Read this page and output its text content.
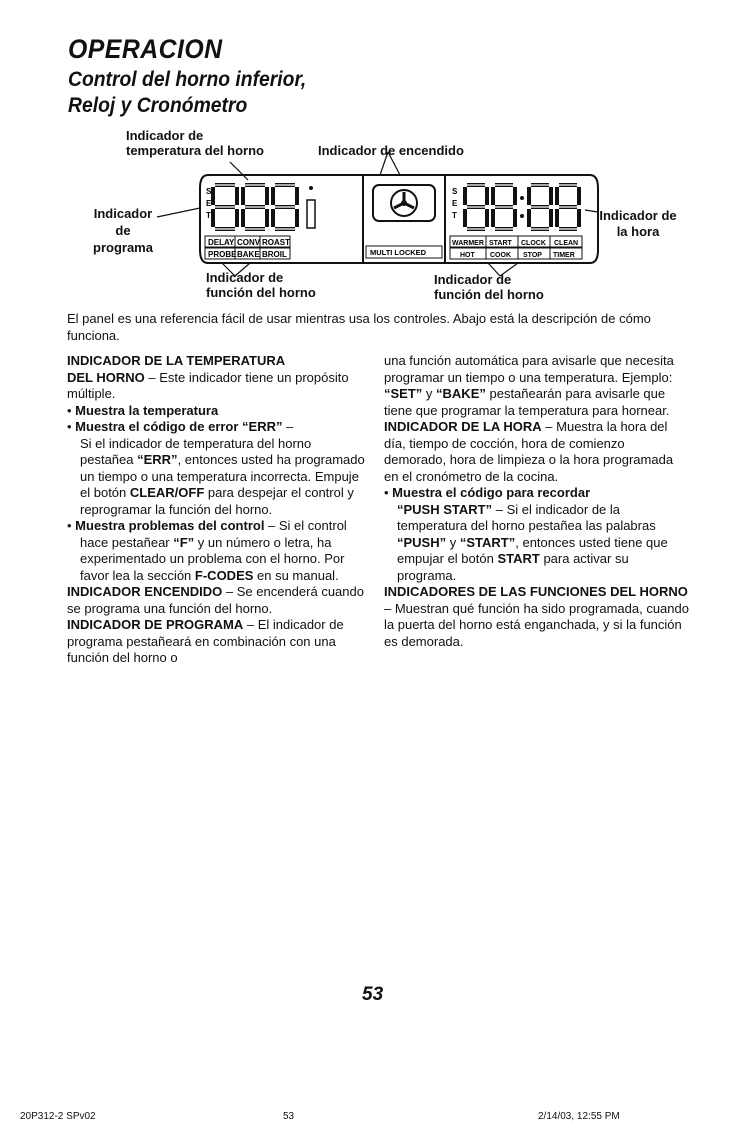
OPERACION
Control del horno inferior,
Reloj y Cronómetro
Indicador de
temperatura del horno	Indicador de encendido
Indicador
de
programa
Indicador de
la hora
Indicador de
función del horno
Indicador de
función del horno
S
E
T
DELAY CONV ROAST
PROBE BAKE BROIL	MULTI LOCKED
S
E
T
WARMER START CLOCK CLEAN
HOT COOK STOP TIMER
El panel es una referencia fácil de usar mientras usa los controles. Abajo está la descripción de cómo funciona.

INDICADOR DE LA TEMPERATURA
DEL HORNO – Este indicador tiene un propósito múltiple.

• Muestra la temperatura

• Muestra el código de error “ERR” –

Si el indicador de temperatura del horno pestañea “ERR”, entonces usted ha programado un tiempo o una temperatura incorrecta. Empuje el botón CLEAR/OFF para despejar el control y reprogramar la función del horno.

• Muestra problemas del control – Si el control hace pestañear “F” y un número o letra, ha experimentado un problema con el horno. Por favor lea la sección F-CODES en su manual.

INDICADOR ENCENDIDO – Se encenderá cuando se programa una función del horno.

INDICADOR DE PROGRAMA – El indicador de programa pestañeará en combinación con una función del horno o

una función automática para avisarle que necesita programar un tiempo o una temperatura. Ejemplo: “SET” y “BAKE” pestañearán para avisarle que tiene que programar la temperatura para hornear.

INDICADOR DE LA HORA – Muestra la hora del día, tiempo de cocción, hora de comienzo demorado, hora de limpieza o la hora programada en el cronómetro de la cocina.

• Muestra el código para recordar
“PUSH START” – Si el indicador de la temperatura del horno pestañea las palabras “PUSH” y “START”, entonces usted tiene que empujar el botón START para activar su programa.

INDICADORES DE LAS FUNCIONES DEL HORNO – Muestran qué función ha sido programada, cuando la puerta del horno está enganchada, y si la función es demorada.

53
20P312-2 SPv02	53	2/14/03, 12:55 PM
